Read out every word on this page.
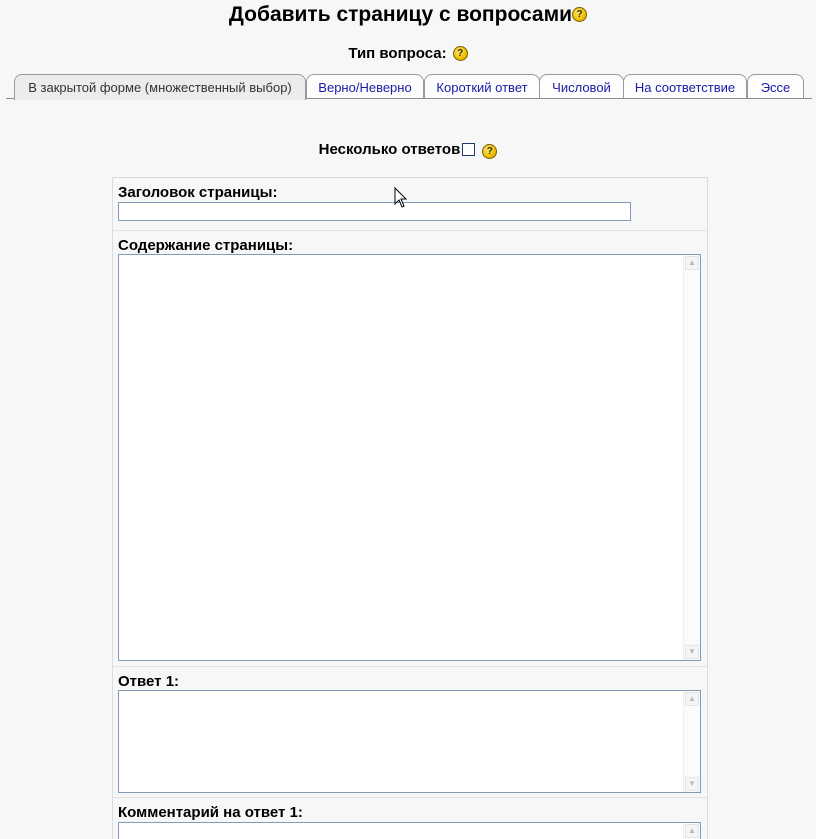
Добавить страницу с вопросами ?
Тип вопроса: ?
В закрытой форме (множественный выбор)	Верно/Неверно	Короткий ответ	Числовой	На соответствие	Эссе
Несколько ответов	?
Заголовок страницы:
Содержание страницы:
▲
▼
Ответ 1:
▲
▼
Комментарий на ответ 1:
▲
